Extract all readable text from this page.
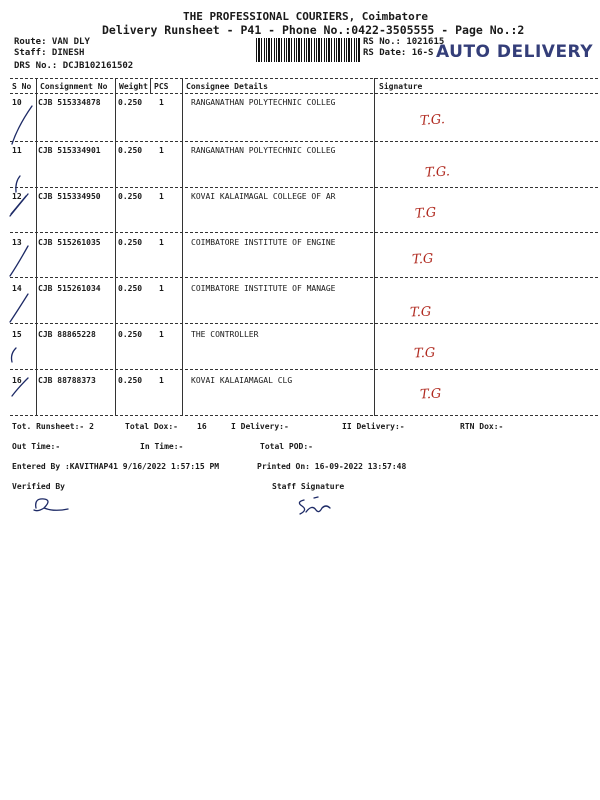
THE PROFESSIONAL COURIERS, Coimbatore
Delivery Runsheet - P41 - Phone No.:0422-3505555 - Page No.:2
Route: VAN DLY
Staff: DINESH
DRS No.: DCJB102161502
RS No.: 1021615
RS Date: 16-S AUTO DELIVERY
S No Consignment No Weight PCS Consignee Details	Signature
10 CJB 515334878 0.250 1	RANGANATHAN POLYTECHNIC COLLEG
T.G.
11 CJB 515334901 0.250 1	RANGANATHAN POLYTECHNIC COLLEG
T.G.
12 CJB 515334950 0.250 1	KOVAI KALAIMAGAL COLLEGE OF AR
T.G
13 CJB 515261035 0.250 1	COIMBATORE INSTITUTE OF ENGINE
T.G
14 CJB 515261034 0.250 1	COIMBATORE INSTITUTE OF MANAGE
T.G
15 CJB 88865228	0.250 1	THE CONTROLLER
T.G
16 CJB 88788373	0.250 1	KOVAI KALAIAMAGAL CLG
T.G
Tot. Runsheet:- 2	Total Dox:- 16	I Delivery:-	II Delivery:-	RTN Dox:-
Out Time:-	In Time:-	Total POD:-
Entered By :KAVITHAP41 9/16/2022 1:57:15 PM	Printed On: 16-09-2022 13:57:48
Verified By	Staff Signature
